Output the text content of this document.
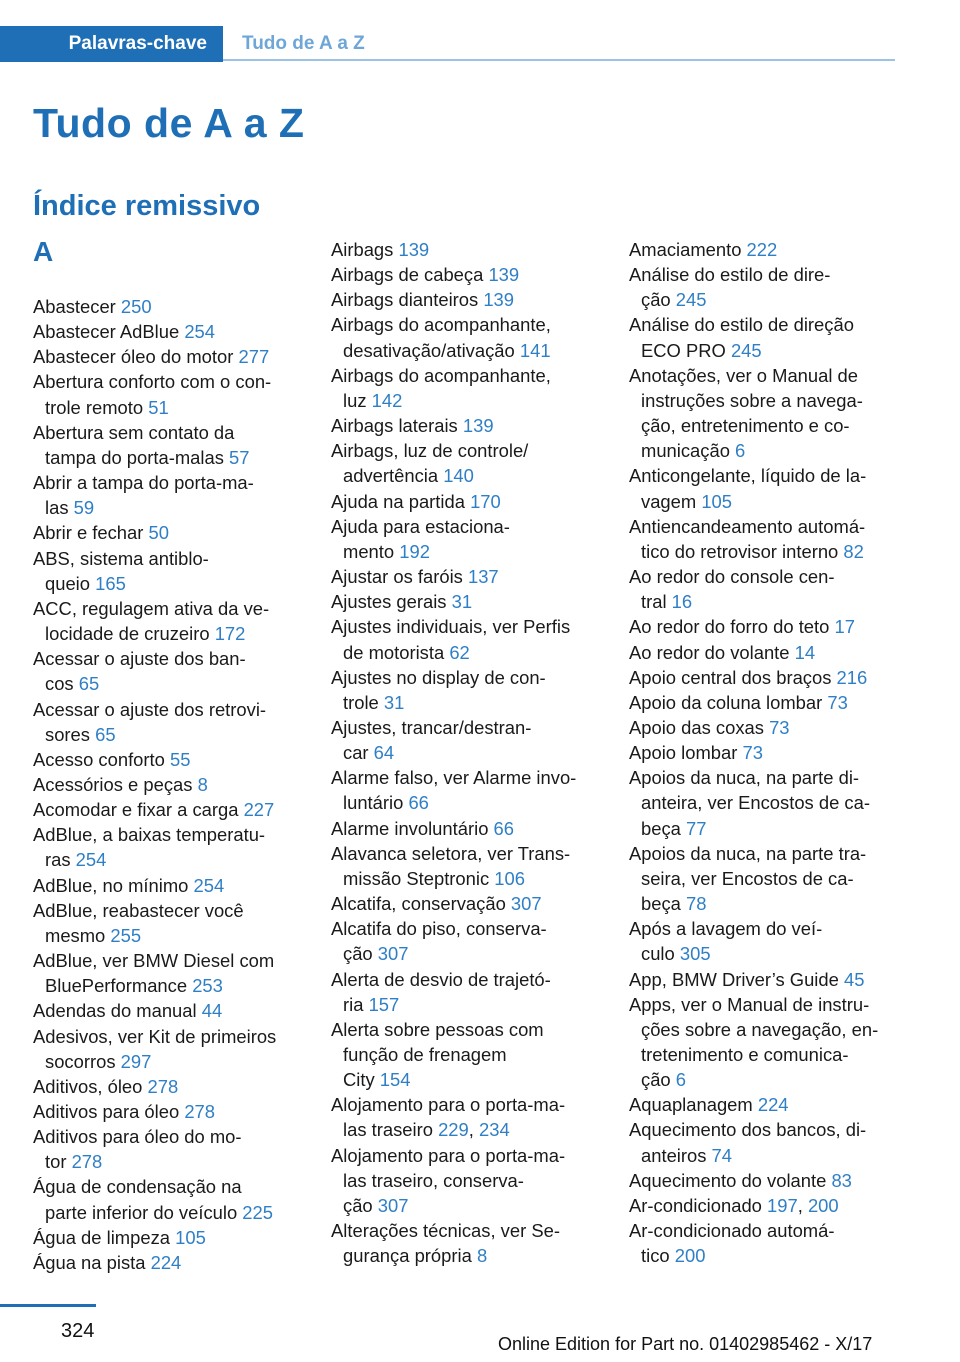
Palavras-chave	Tudo de A a Z
Tudo de A a Z
Índice remissivo
A
Abastecer 250
Abastecer AdBlue 254
Abastecer óleo do motor 277
Abertura conforto com o con-
trole remoto 51
Abertura sem contato da
tampa do porta-malas 57
Abrir a tampa do porta-ma-
las 59
Abrir e fechar 50
ABS, sistema antiblo-
queio 165
ACC, regulagem ativa da ve-
locidade de cruzeiro 172
Acessar o ajuste dos ban-
cos 65
Acessar o ajuste dos retrovi-
sores 65
Acesso conforto 55
Acessórios e peças 8
Acomodar e fixar a carga 227
AdBlue, a baixas temperatu-
ras 254
AdBlue, no mínimo 254
AdBlue, reabastecer você
mesmo 255
AdBlue, ver BMW Diesel com
BluePerformance 253
Adendas do manual 44
Adesivos, ver Kit de primeiros
socorros 297
Aditivos, óleo 278
Aditivos para óleo 278
Aditivos para óleo do mo-
tor 278
Água de condensação na
parte inferior do veículo 225
Água de limpeza 105
Água na pista 224
Airbags 139
Airbags de cabeça 139
Airbags dianteiros 139
Airbags do acompanhante,
desativação/ativação 141
Airbags do acompanhante,
luz 142
Airbags laterais 139
Airbags, luz de controle/
advertência 140
Ajuda na partida 170
Ajuda para estaciona-
mento 192
Ajustar os faróis 137
Ajustes gerais 31
Ajustes individuais, ver Perfis
de motorista 62
Ajustes no display de con-
trole 31
Ajustes, trancar/destran-
car 64
Alarme falso, ver Alarme invo-
luntário 66
Alarme involuntário 66
Alavanca seletora, ver Trans-
missão Steptronic 106
Alcatifa, conservação 307
Alcatifa do piso, conserva-
ção 307
Alerta de desvio de trajetó-
ria 157
Alerta sobre pessoas com
função de frenagem
City 154
Alojamento para o porta-ma-
las traseiro 229, 234
Alojamento para o porta-ma-
las traseiro, conserva-
ção 307
Alterações técnicas, ver Se-
gurança própria 8
Amaciamento 222
Análise do estilo de dire-
ção 245
Análise do estilo de direção
ECO PRO 245
Anotações, ver o Manual de
instruções sobre a navega-
ção, entretenimento e co-
municação 6
Anticongelante, líquido de la-
vagem 105
Antiencandeamento automá-
tico do retrovisor interno 82
Ao redor do console cen-
tral 16
Ao redor do forro do teto 17
Ao redor do volante 14
Apoio central dos braços 216
Apoio da coluna lombar 73
Apoio das coxas 73
Apoio lombar 73
Apoios da nuca, na parte di-
anteira, ver Encostos de ca-
beça 77
Apoios da nuca, na parte tra-
seira, ver Encostos de ca-
beça 78
Após a lavagem do veí-
culo 305
App, BMW Driver’s Guide 45
Apps, ver o Manual de instru-
ções sobre a navegação, en-
tretenimento e comunica-
ção 6
Aquaplanagem 224
Aquecimento dos bancos, di-
anteiros 74
Aquecimento do volante 83
Ar-condicionado 197, 200
Ar-condicionado automá-
tico 200
324
Online Edition for Part no. 01402985462 - X/17
